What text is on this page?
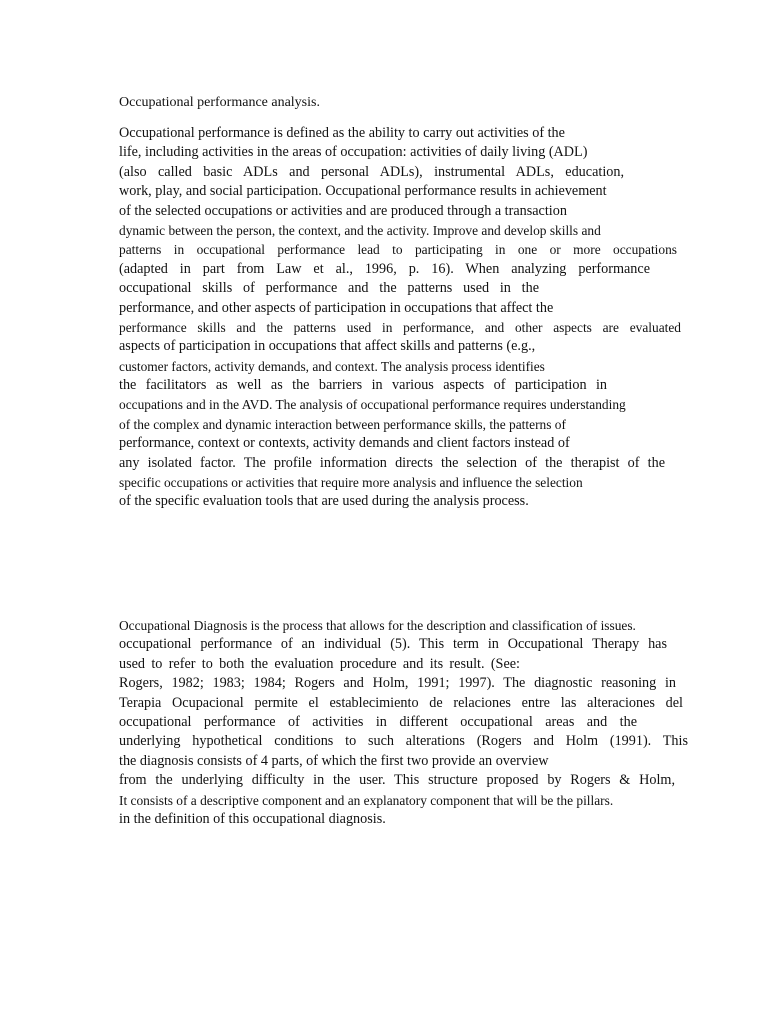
Occupational performance analysis.
Occupational performance is defined as the ability to carry out activities of the
life, including activities in the areas of occupation: activities of daily living (ADL)
(also called basic ADLs and personal ADLs), instrumental ADLs, education,
work, play, and social participation. Occupational performance results in achievement
of the selected occupations or activities and are produced through a transaction
dynamic between the person, the context, and the activity. Improve and develop skills and
patterns in occupational performance lead to participating in one or more occupations
(adapted in part from Law et al., 1996, p. 16). When analyzing performance
occupational skills of performance and the patterns used in the
performance, and other aspects of participation in occupations that affect the
performance skills and the patterns used in performance, and other aspects are evaluated
aspects of participation in occupations that affect skills and patterns (e.g.,
customer factors, activity demands, and context. The analysis process identifies
the facilitators as well as the barriers in various aspects of participation in
occupations and in the AVD. The analysis of occupational performance requires understanding
of the complex and dynamic interaction between performance skills, the patterns of
performance, context or contexts, activity demands and client factors instead of
any isolated factor. The profile information directs the selection of the therapist of the
specific occupations or activities that require more analysis and influence the selection
of the specific evaluation tools that are used during the analysis process.
Occupational Diagnosis is the process that allows for the description and classification of issues.
occupational performance of an individual (5). This term in Occupational Therapy has
used to refer to both the evaluation procedure and its result. (See:
Rogers, 1982; 1983; 1984; Rogers and Holm, 1991; 1997). The diagnostic reasoning in
Terapia Ocupacional permite el establecimiento de relaciones entre las alteraciones del
occupational performance of activities in different occupational areas and the
underlying hypothetical conditions to such alterations (Rogers and Holm (1991). This
the diagnosis consists of 4 parts, of which the first two provide an overview
from the underlying difficulty in the user. This structure proposed by Rogers & Holm,
It consists of a descriptive component and an explanatory component that will be the pillars.
in the definition of this occupational diagnosis.
